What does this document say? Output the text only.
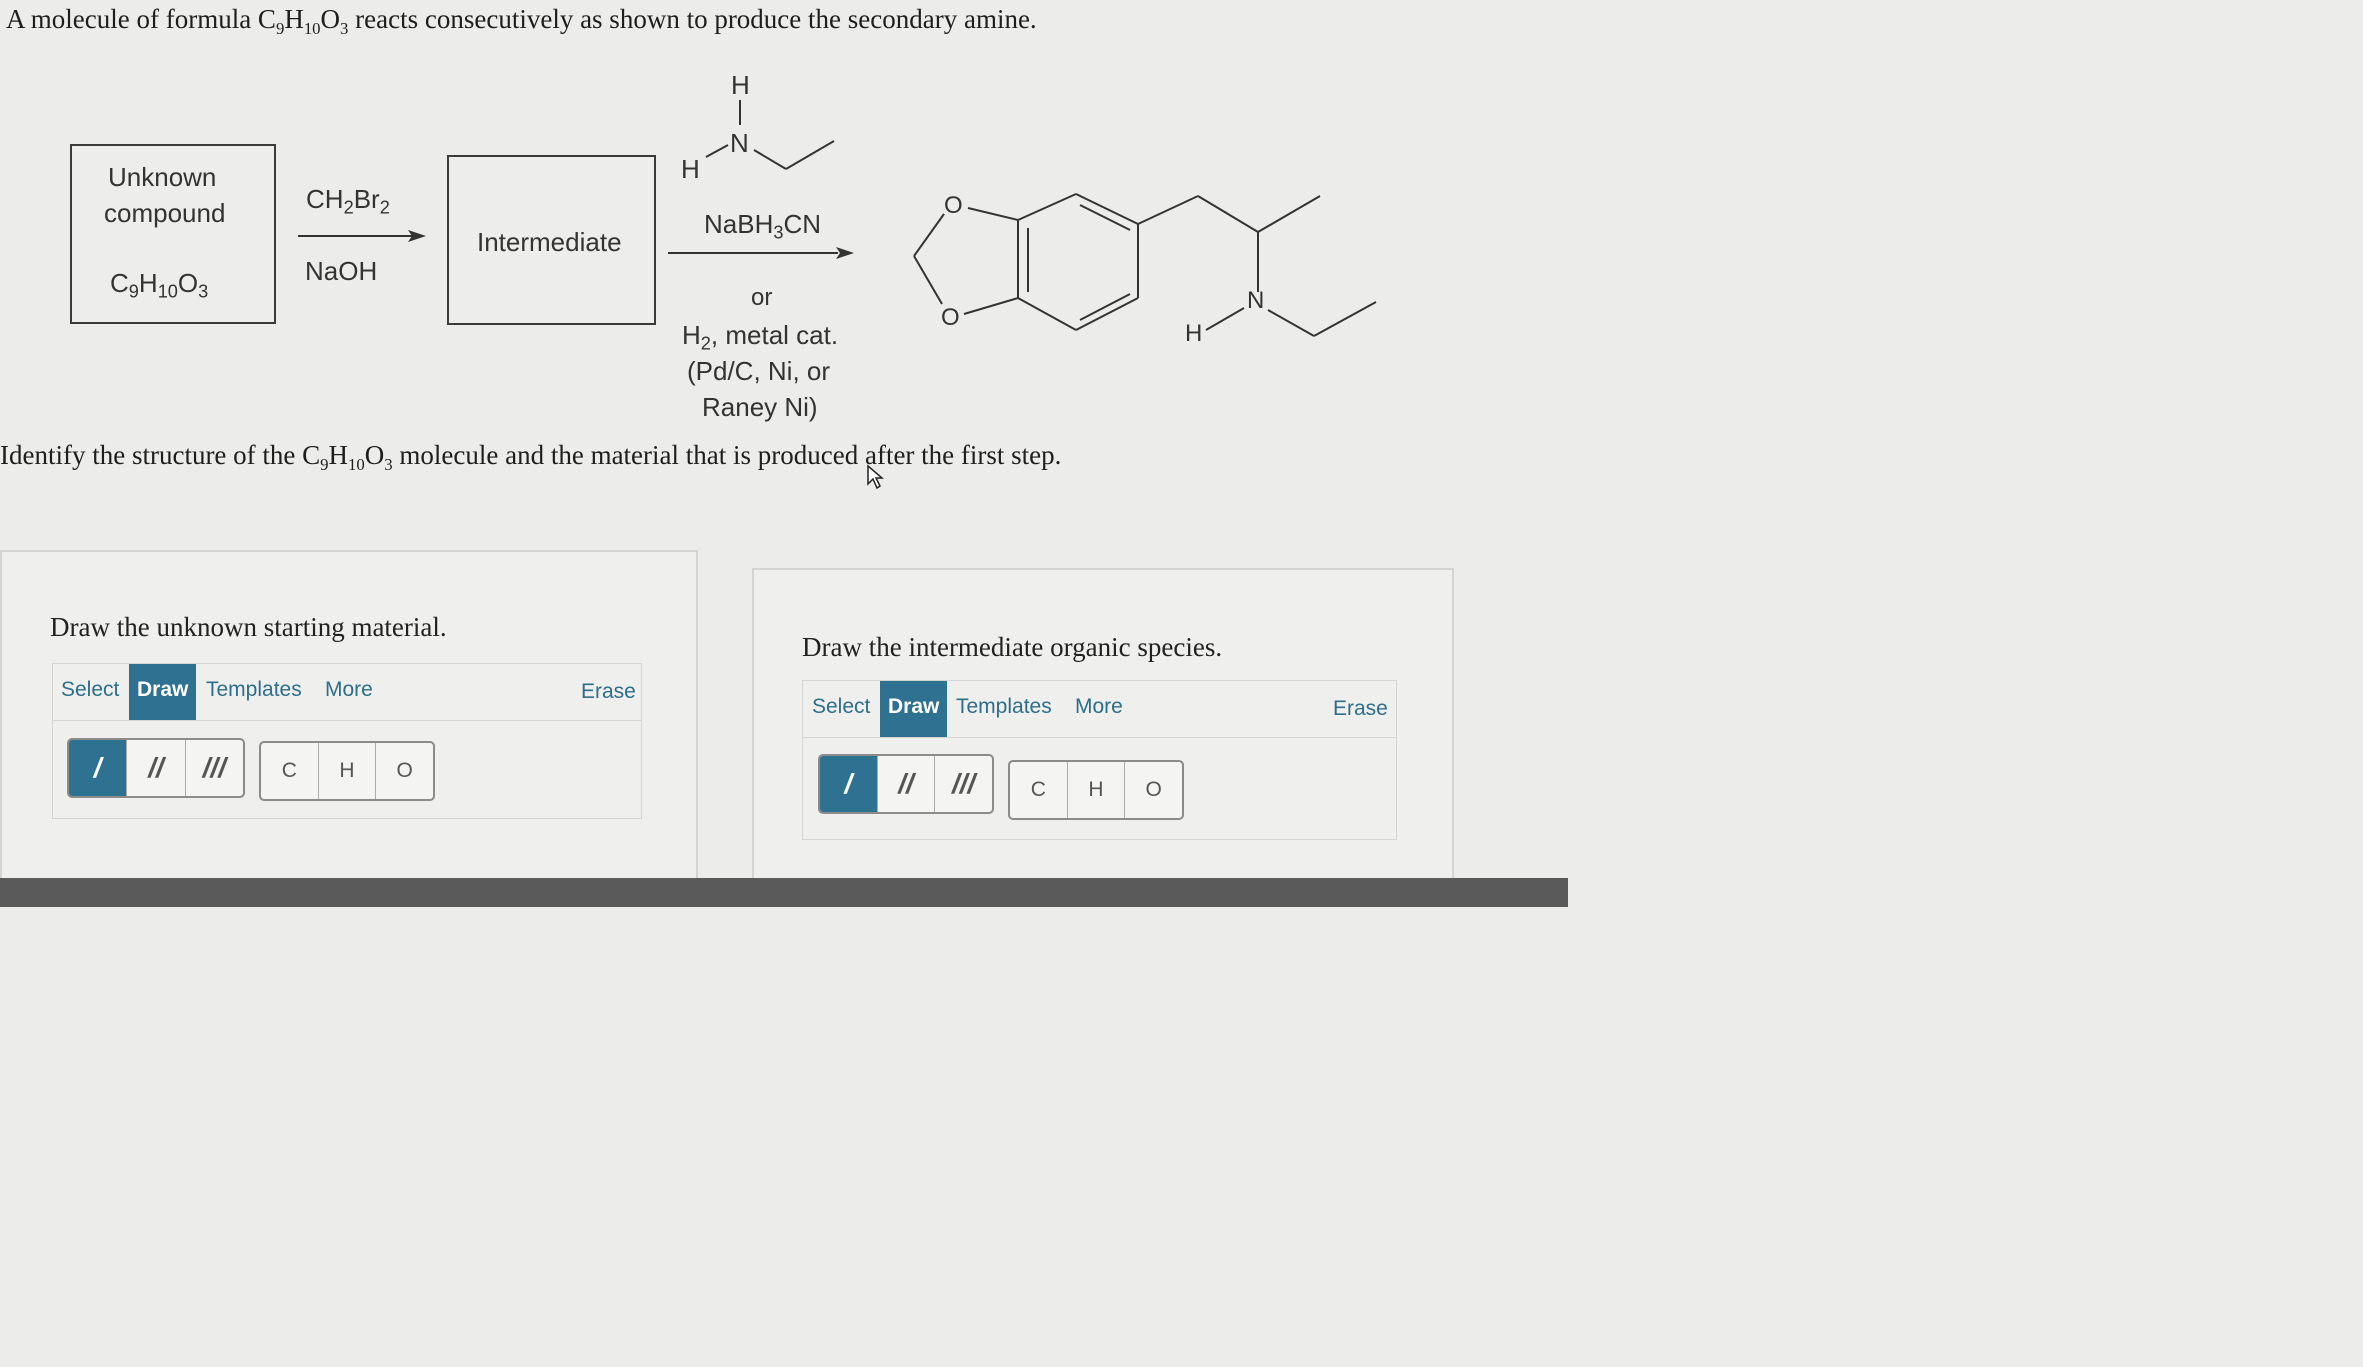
A molecule of formula $C_9H_{10}O_3$ reacts consecutively as shown to produce the secondary amine.
Unknown
compound
$C_9H_{10}O_3$
$CH_2Br_2$
NaOH
Intermediate
H
N
H
NaBH$_3$CN
or
$H_2$, metal cat.
(Pd/C, Ni, or
Raney Ni)
O
O
N
H
Identify the structure of the $C_9H_{10}O_3$ molecule and the material that is produced after the first step.
Draw the unknown starting material.
Select Draw Templates	More	Erase
/	//	///	C	H	O
Draw the intermediate organic species.
Select Draw Templates	More	Erase
/	//	///	C	H	O
